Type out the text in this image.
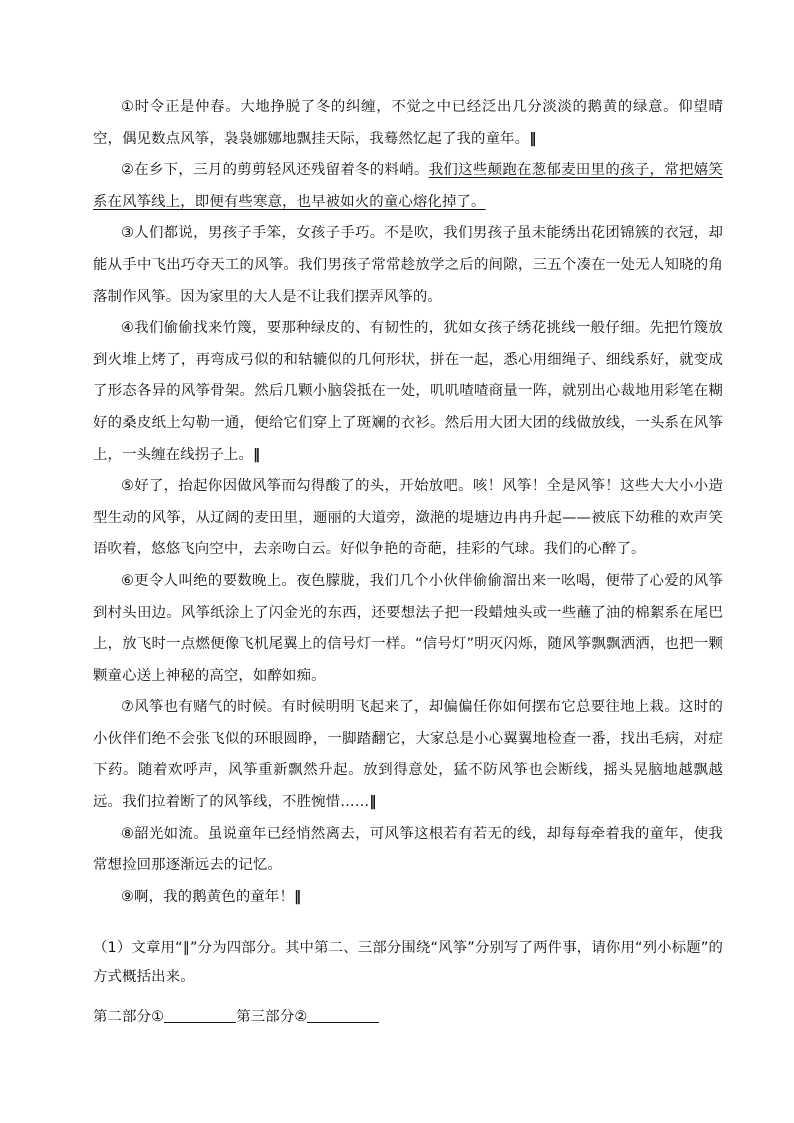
①时令正是仲春。大地挣脱了冬的纠缠，不觉之中已经泛出几分淡淡的鹅黄的绿意。仰望晴空，偶见数点风筝，袅袅娜娜地飘挂天际，我蓦然忆起了我的童年。‖

②在乡下，三月的剪剪轻风还残留着冬的料峭。我们这些颠跑在葱郁麦田里的孩子，常把嬉笑系在风筝线上，即便有些寒意，也早被如火的童心熔化掉了。

③人们都说，男孩子手笨，女孩子手巧。不是吹，我们男孩子虽未能绣出花团锦簇的衣冠，却能从手中飞出巧夺天工的风筝。我们男孩子常常趁放学之后的间隙，三五个凑在一处无人知晓的角落制作风筝。因为家里的大人是不让我们摆弄风筝的。

④我们偷偷找来竹篾，要那种绿皮的、有韧性的，犹如女孩子绣花挑线一般仔细。先把竹篾放到火堆上烤了，再弯成弓似的和轱辘似的几何形状，拼在一起，悉心用细绳子、细线系好，就变成了形态各异的风筝骨架。然后几颗小脑袋抵在一处，叽叽喳喳商量一阵，就别出心裁地用彩笔在糊好的桑皮纸上勾勒一通，便给它们穿上了斑斓的衣衫。然后用大团大团的线做放线，一头系在风筝上，一头缠在线拐子上。‖

⑤好了，抬起你因做风筝而勾得酸了的头，开始放吧。咳！风筝！全是风筝！这些大大小小造型生动的风筝，从辽阔的麦田里，逦丽的大道旁，潋滟的堤塘边冉冉升起——被底下幼稚的欢声笑语吹着，悠悠飞向空中，去亲吻白云。好似争艳的奇葩，挂彩的气球。我们的心醉了。

⑥更令人叫绝的要数晚上。夜色朦胧，我们几个小伙伴偷偷溜出来一吆喝，便带了心爱的风筝到村头田边。风筝纸涂上了闪金光的东西，还要想法子把一段蜡烛头或一些蘸了油的棉絮系在尾巴上，放飞时一点燃便像飞机尾翼上的信号灯一样。“信号灯”明灭闪烁，随风筝飘飘洒洒，也把一颗颗童心送上神秘的高空，如醉如痴。

⑦风筝也有赌气的时候。有时候明明飞起来了，却偏偏任你如何摆布它总要往地上栽。这时的小伙伴们绝不会张飞似的环眼圆睁，一脚踏翻它，大家总是小心翼翼地检查一番，找出毛病，对症下药。随着欢呼声，风筝重新飘然升起。放到得意处，猛不防风筝也会断线，摇头晃脑地越飘越远。我们拉着断了的风筝线，不胜惋惜……‖

⑧韶光如流。虽说童年已经悄然离去，可风筝这根若有若无的线，却每每牵着我的童年，使我常想捡回那逐渐远去的记忆。

⑨啊，我的鹅黄色的童年！‖

（1）文章用“∥”分为四部分。其中第二、三部分围绕“风筝”分别写了两件事，请你用“列小标题”的方式概括出来。
第二部分①	第三部分②
